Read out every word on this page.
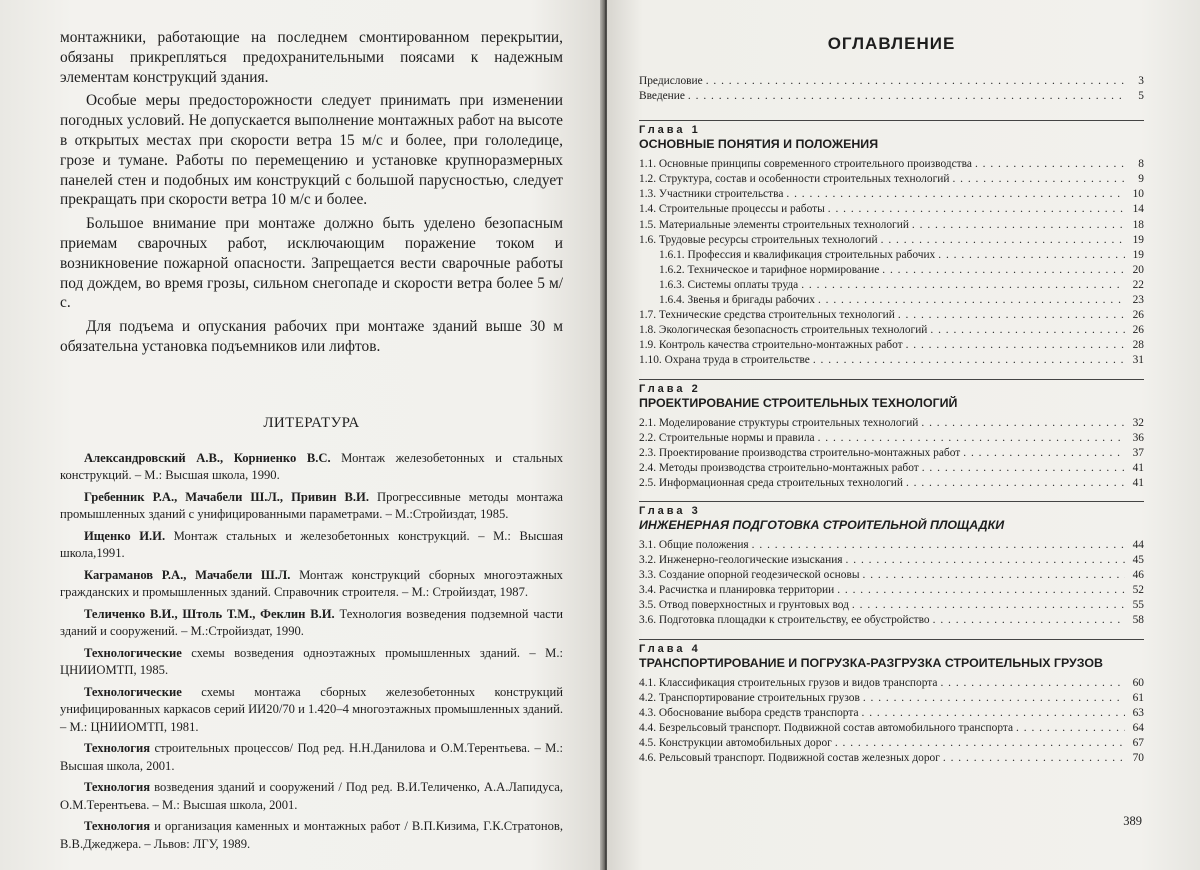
монтажники, работающие на последнем смонтированном перекрытии, обязаны прикрепляться предохранительными поясами к надежным элементам конструкций здания.

Особые меры предосторожности следует принимать при изменении погодных условий. Не допускается выполнение монтажных работ на высоте в открытых местах при скорости ветра 15 м/с и более, при гололедице, грозе и тумане. Работы по перемещению и установке крупноразмерных панелей стен и подобных им конструкций с большой парусностью, следует прекращать при скорости ветра 10 м/с и более.

Большое внимание при монтаже должно быть уделено безопасным приемам сварочных работ, исключающим поражение током и возникновение пожарной опасности. Запрещается вести сварочные работы под дождем, во время грозы, сильном снегопаде и скорости ветра более 5 м/с.

Для подъема и опускания рабочих при монтаже зданий выше 30 м обязательна установка подъемников или лифтов.

ЛИТЕРАТУРА

Александровский А.В., Корниенко В.С. Монтаж железобетонных и стальных конструкций. – М.: Высшая школа, 1990.

Гребенник Р.А., Мачабели Ш.Л., Привин В.И. Прогрессивные методы монтажа промышленных зданий с унифицированными параметрами. – М.:Стройиздат, 1985.

Ищенко И.И. Монтаж стальных и железобетонных конструкций. – М.: Высшая школа,1991.

Каграманов Р.А., Мачабели Ш.Л. Монтаж конструкций сборных многоэтажных гражданских и промышленных зданий. Справочник строителя. – М.: Стройиздат, 1987.

Теличенко В.И., Штоль Т.М., Феклин В.И. Технология возведения подземной части зданий и сооружений. – М.:Стройиздат, 1990.

Технологические схемы возведения одноэтажных промышленных зданий. – М.: ЦНИИОМТП, 1985.

Технологические схемы монтажа сборных железобетонных конструкций унифицированных каркасов серий ИИ20/70 и 1.420–4 многоэтажных промышленных зданий. – М.: ЦНИИОМТП, 1981.

Технология строительных процессов/ Под ред. Н.Н.Данилова и О.М.Терентьева. – М.: Высшая школа, 2001.

Технология возведения зданий и сооружений / Под ред. В.И.Теличенко, А.А.Лапидуса, О.М.Терентьева. – М.: Высшая школа, 2001.

Технология и организация каменных и монтажных работ / В.П.Кизима, Г.К.Стратонов, В.В.Джеджера. – Львов: ЛГУ, 1989.

ОГЛАВЛЕНИЕ
Предисловие . . .	3
Введение . . .	5
Глава 1
ОСНОВНЫЕ ПОНЯТИЯ И ПОЛОЖЕНИЯ
1.1. Основные принципы современного строительного производства . . .	8
1.2. Структура, состав и особенности строительных технологий . . .	9
1.3. Участники строительства . . .	10
1.4. Строительные процессы и работы . . .	14
1.5. Материальные элементы строительных технологий . . .	18
1.6. Трудовые ресурсы строительных технологий . . .	19
1.6.1. Профессия и квалификация строительных рабочих . . .	19
1.6.2. Техническое и тарифное нормирование . . .	20
1.6.3. Системы оплаты труда . . .	22
1.6.4. Звенья и бригады рабочих . . .	23
1.7. Технические средства строительных технологий . . .	26
1.8. Экологическая безопасность строительных технологий . . .	26
1.9. Контроль качества строительно-монтажных работ . . .	28
1.10. Охрана труда в строительстве . . .	31
Глава 2
ПРОЕКТИРОВАНИЕ СТРОИТЕЛЬНЫХ ТЕХНОЛОГИЙ
2.1. Моделирование структуры строительных технологий . . .	32
2.2. Строительные нормы и правила . . .	36
2.3. Проектирование производства строительно-монтажных работ . . .	37
2.4. Методы производства строительно-монтажных работ . . .	41
2.5. Информационная среда строительных технологий . . .	41
Глава 3
ИНЖЕНЕРНАЯ ПОДГОТОВКА СТРОИТЕЛЬНОЙ ПЛОЩАДКИ
3.1. Общие положения . . .	44
3.2. Инженерно-геологические изыскания . . .	45
3.3. Создание опорной геодезической основы . . .	46
3.4. Расчистка и планировка территории . . .	52
3.5. Отвод поверхностных и грунтовых вод . . .	55
3.6. Подготовка площадки к строительству, ее обустройство . . .	58
Глава 4
ТРАНСПОРТИРОВАНИЕ И ПОГРУЗКА-РАЗГРУЗКА СТРОИТЕЛЬНЫХ ГРУЗОВ
4.1. Классификация строительных грузов и видов транспорта . . .	60
4.2. Транспортирование строительных грузов . . .	61
4.3. Обоснование выбора средств транспорта . . .	63
4.4. Безрельсовый транспорт. Подвижной состав автомобильного транспорта . . .	64
4.5. Конструкции автомобильных дорог . . .	67
4.6. Рельсовый транспорт. Подвижной состав железных дорог . . .	70
389
